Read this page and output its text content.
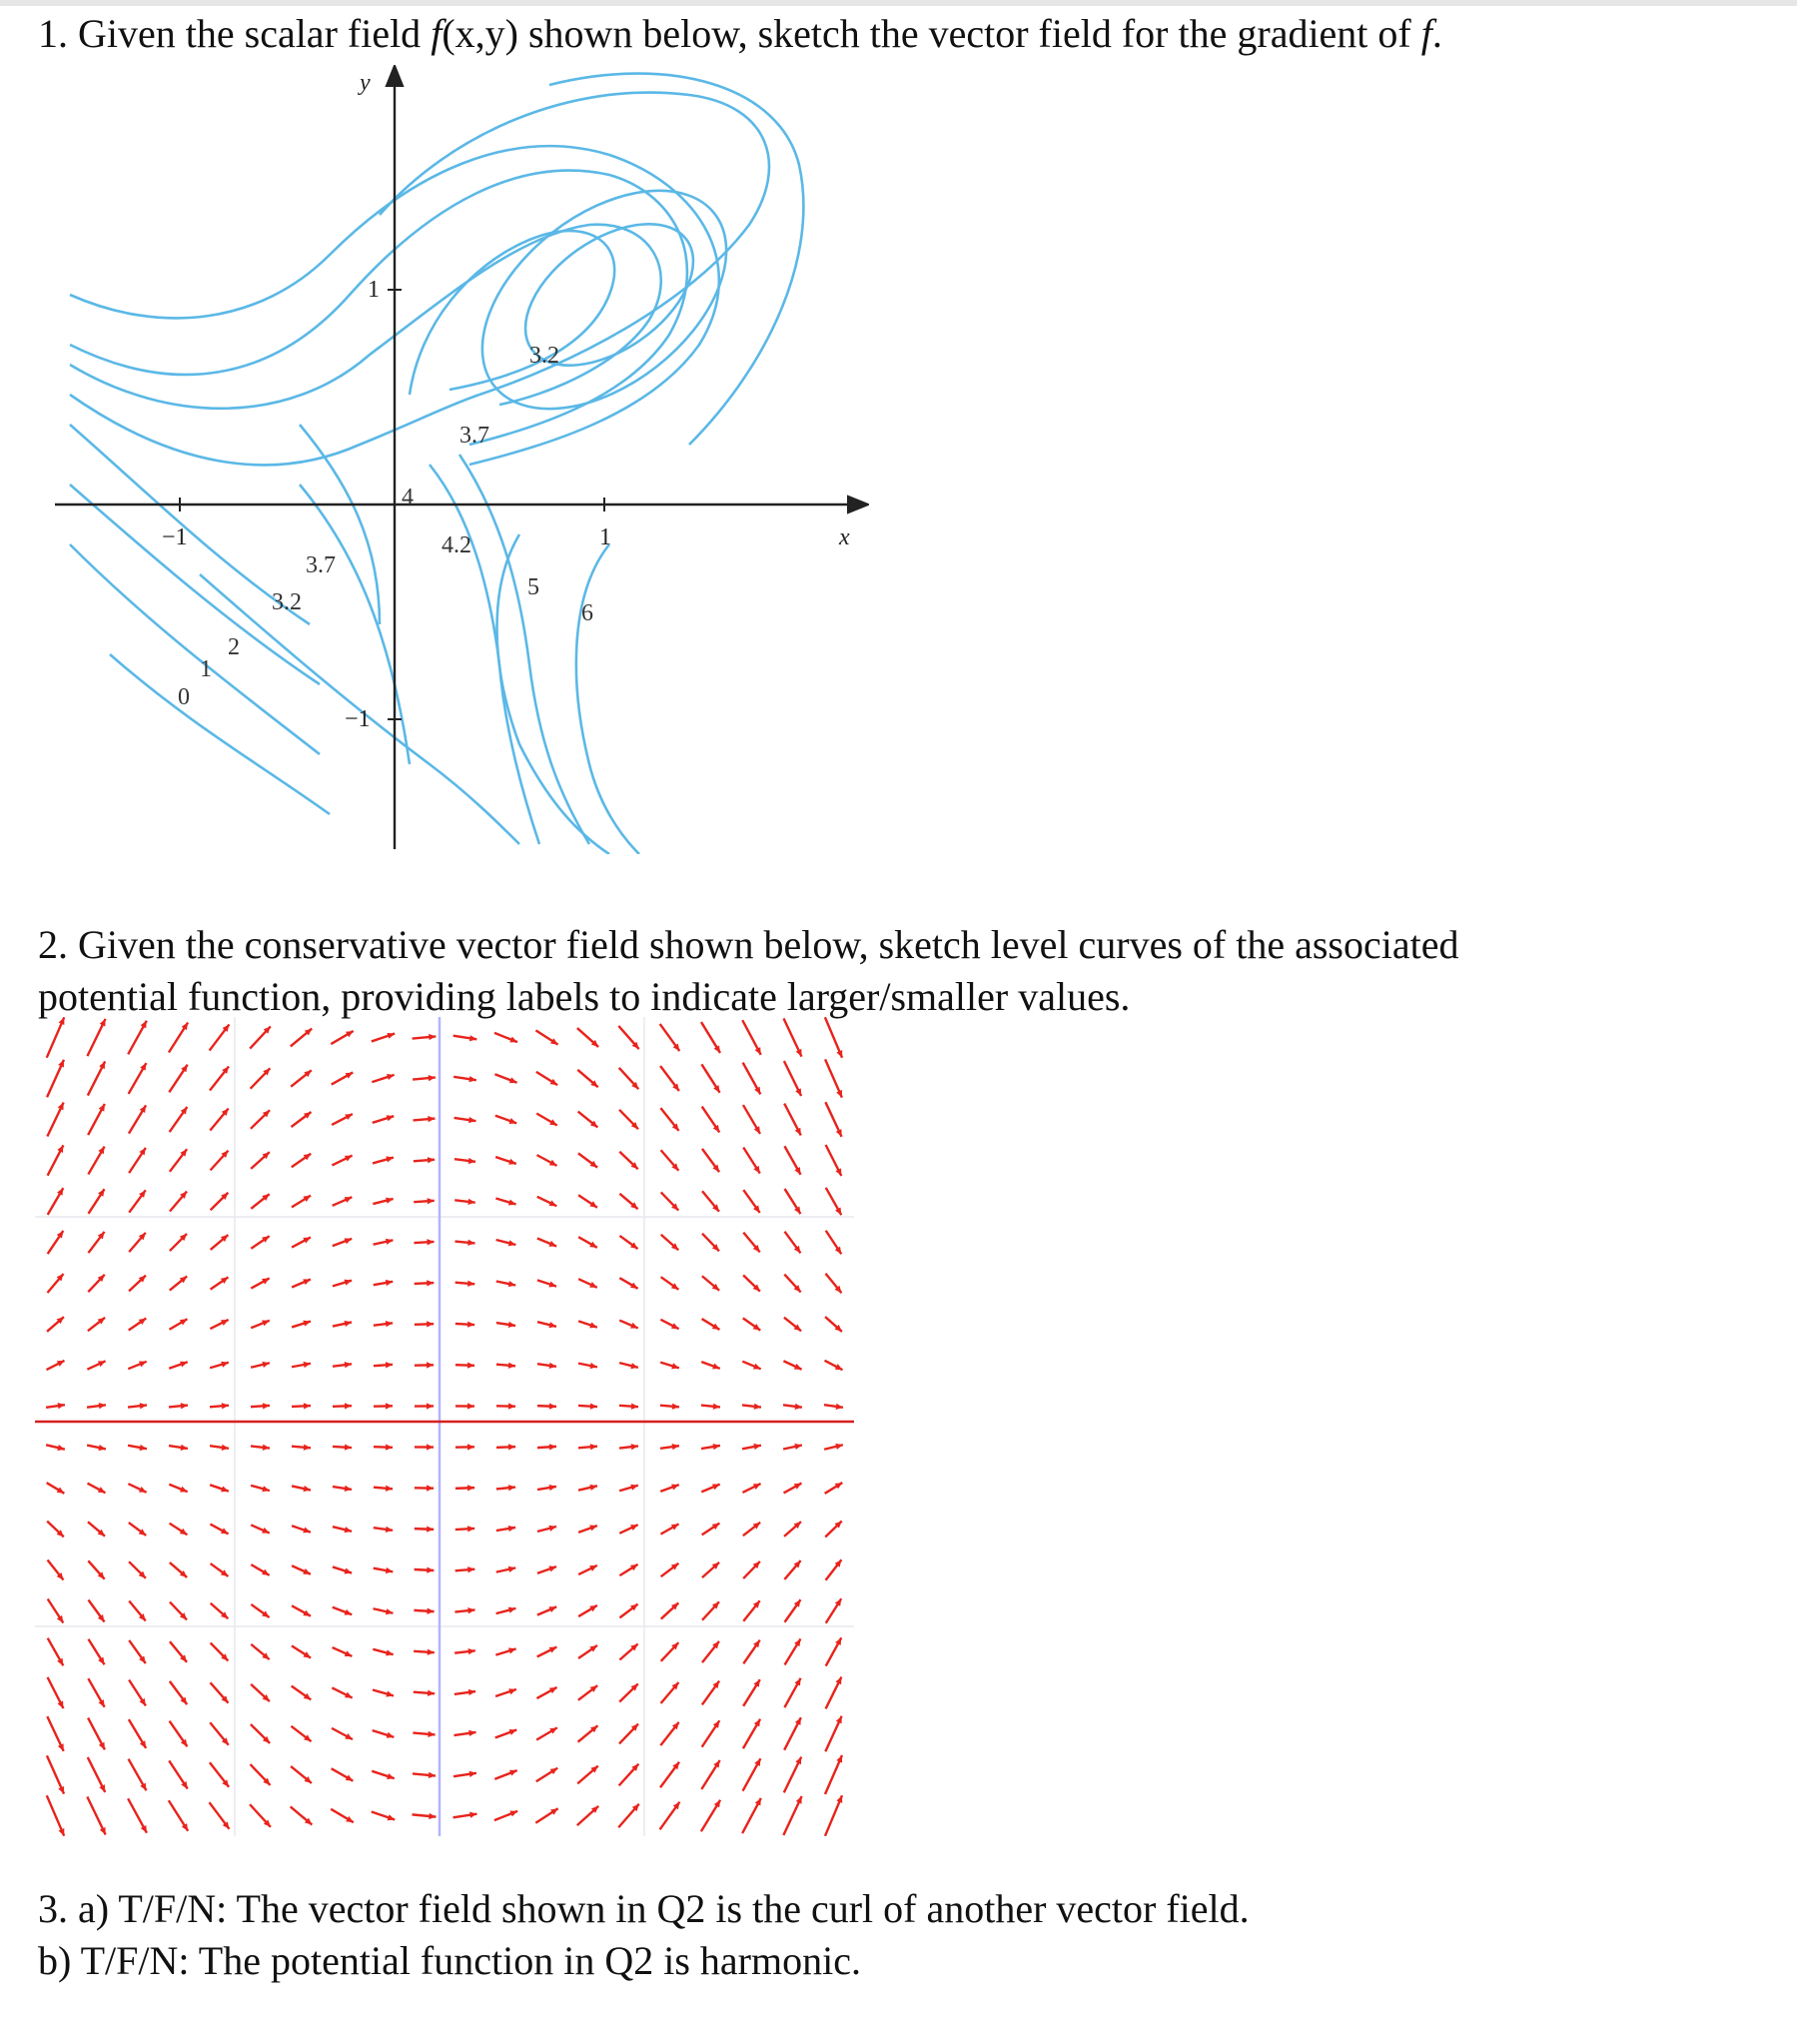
1. Given the scalar field f(x,y) shown below, sketch the vector field for the gradient of f.

y
x
−1	1
1
−1
3.2
3.7
4
4.2
3.7
3.2
2
1
0
5
6

2. Given the conservative vector field shown below, sketch level curves of the associated
potential function, providing labels to indicate larger/smaller values.

3. a) T/F/N: The vector field shown in Q2 is the curl of another vector field.
b) T/F/N: The potential function in Q2 is harmonic.
